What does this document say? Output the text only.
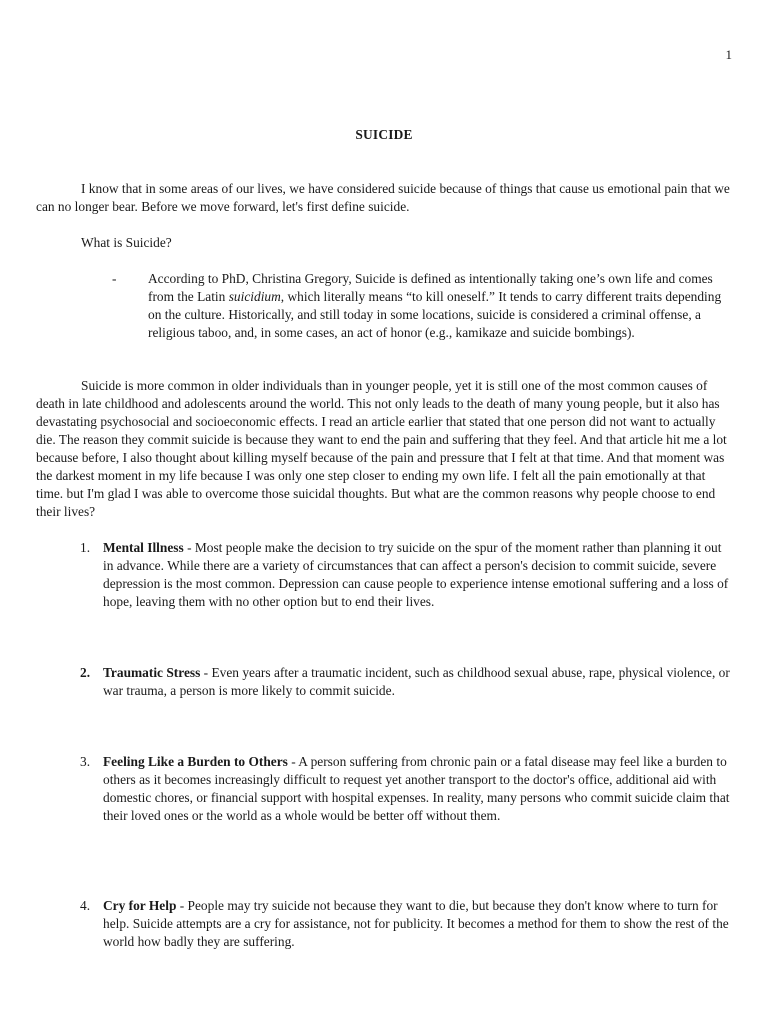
1
SUICIDE

I know that in some areas of our lives, we have considered suicide because of things that cause us emotional pain that we can no longer bear. Before we move forward, let's first define suicide.

What is Suicide?
- According to PhD, Christina Gregory, Suicide is defined as intentionally taking one’s own life and comes from the Latin suicidium, which literally means “to kill oneself.” It tends to carry different traits depending on the culture. Historically, and still today in some locations, suicide is considered a criminal offense, a religious taboo, and, in some cases, an act of honor (e.g., kamikaze and suicide bombings).

Suicide is more common in older individuals than in younger people, yet it is still one of the most common causes of death in late childhood and adolescents around the world. This not only leads to the death of many young people, but it also has devastating psychosocial and socioeconomic effects. I read an article earlier that stated that one person did not want to actually die. The reason they commit suicide is because they want to end the pain and suffering that they feel. And that article hit me a lot because before, I also thought about killing myself because of the pain and pressure that I felt at that time. And that moment was the darkest moment in my life because I was only one step closer to ending my own life. I felt all the pain emotionally at that time. but I'm glad I was able to overcome those suicidal thoughts. But what are the common reasons why people choose to end their lives?

1. Mental Illness - Most people make the decision to try suicide on the spur of the moment rather than planning it out in advance. While there are a variety of circumstances that can affect a person's decision to commit suicide, severe depression is the most common. Depression can cause people to experience intense emotional suffering and a loss of hope, leaving them with no other option but to end their lives.
2. Traumatic Stress - Even years after a traumatic incident, such as childhood sexual abuse, rape, physical violence, or war trauma, a person is more likely to commit suicide.
3. Feeling Like a Burden to Others - A person suffering from chronic pain or a fatal disease may feel like a burden to others as it becomes increasingly difficult to request yet another transport to the doctor's office, additional aid with domestic chores, or financial support with hospital expenses. In reality, many persons who commit suicide claim that their loved ones or the world as a whole would be better off without them.
4. Cry for Help - People may try suicide not because they want to die, but because they don't know where to turn for help. Suicide attempts are a cry for assistance, not for publicity. It becomes a method for them to show the rest of the world how badly they are suffering.
